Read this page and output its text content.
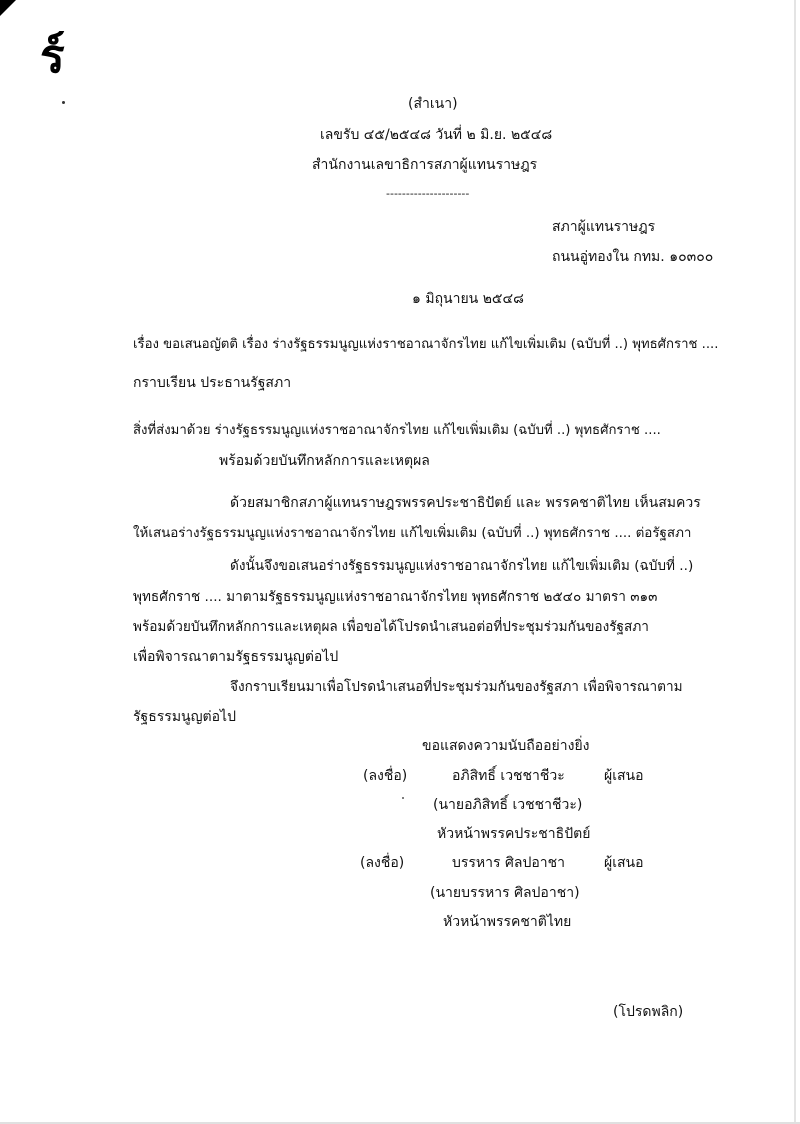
ร์
(สำเนา)
เลขรับ ๔๕/๒๕๔๘ วันที่ ๒ มิ.ย. ๒๕๔๘
สำนักงานเลขาธิการสภาผู้แทนราษฎร
---------------------
สภาผู้แทนราษฎร
ถนนอู่ทองใน กทม. ๑๐๓๐๐
๑ มิถุนายน ๒๕๔๘
เรื่อง ขอเสนอญัตติ เรื่อง ร่างรัฐธรรมนูญแห่งราชอาณาจักรไทย แก้ไขเพิ่มเติม (ฉบับที่ ..) พุทธศักราช ....
กราบเรียน ประธานรัฐสภา
สิ่งที่ส่งมาด้วย ร่างรัฐธรรมนูญแห่งราชอาณาจักรไทย แก้ไขเพิ่มเติม (ฉบับที่ ..) พุทธศักราช ....
พร้อมด้วยบันทึกหลักการและเหตุผล
ด้วยสมาชิกสภาผู้แทนราษฎรพรรคประชาธิปัตย์ และ พรรคชาติไทย เห็นสมควร
ให้เสนอร่างรัฐธรรมนูญแห่งราชอาณาจักรไทย แก้ไขเพิ่มเติม (ฉบับที่ ..) พุทธศักราช .... ต่อรัฐสภา
ดังนั้นจึงขอเสนอร่างรัฐธรรมนูญแห่งราชอาณาจักรไทย แก้ไขเพิ่มเติม (ฉบับที่ ..)
พุทธศักราช .... มาตามรัฐธรรมนูญแห่งราชอาณาจักรไทย พุทธศักราช ๒๕๔๐ มาตรา ๓๑๓
พร้อมด้วยบันทึกหลักการและเหตุผล เพื่อขอได้โปรดนำเสนอต่อที่ประชุมร่วมกันของรัฐสภา
เพื่อพิจารณาตามรัฐธรรมนูญต่อไป
จึงกราบเรียนมาเพื่อโปรดนำเสนอที่ประชุมร่วมกันของรัฐสภา เพื่อพิจารณาตาม
รัฐธรรมนูญต่อไป
ขอแสดงความนับถืออย่างยิ่ง
(ลงชื่อ)	อภิสิทธิ์ เวชชาชีวะ	ผู้เสนอ
(นายอภิสิทธิ์ เวชชาชีวะ)
หัวหน้าพรรคประชาธิปัตย์
(ลงชื่อ)	บรรหาร ศิลปอาชา	ผู้เสนอ
(นายบรรหาร ศิลปอาชา)
หัวหน้าพรรคชาติไทย
(โปรดพลิก)
